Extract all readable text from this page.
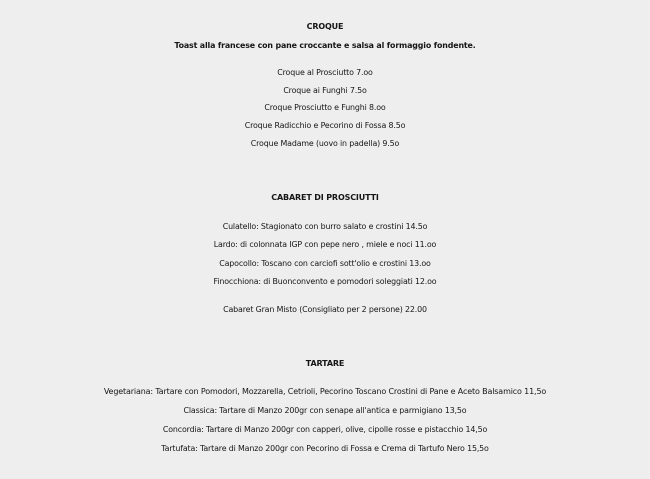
CROQUE
Toast alla francese con pane croccante e salsa al formaggio fondente.
Croque al Prosciutto 7.oo
Croque ai Funghi 7.5o
Croque Prosciutto e Funghi 8.oo
Croque Radicchio e Pecorino di Fossa 8.5o
Croque Madame (uovo in padella) 9.5o
CABARET DI PROSCIUTTI
Culatello: Stagionato con burro salato e crostini 14.5o
Lardo: di colonnata IGP con pepe nero , miele e noci 11.oo
Capocollo: Toscano con carciofi sott'olio e crostini 13.oo
Finocchiona: di Buonconvento e pomodori soleggiati 12.oo
Cabaret Gran Misto (Consigliato per 2 persone) 22.00
TARTARE
Vegetariana: Tartare con Pomodori, Mozzarella, Cetrioli, Pecorino Toscano Crostini di Pane e Aceto Balsamico 11,5o
Classica: Tartare di Manzo 200gr con senape all'antica e parmigiano 13,5o
Concordia: Tartare di Manzo 200gr con capperi, olive, cipolle rosse e pistacchio 14,5o
Tartufata: Tartare di Manzo 200gr con Pecorino di Fossa e Crema di Tartufo Nero 15,5o
